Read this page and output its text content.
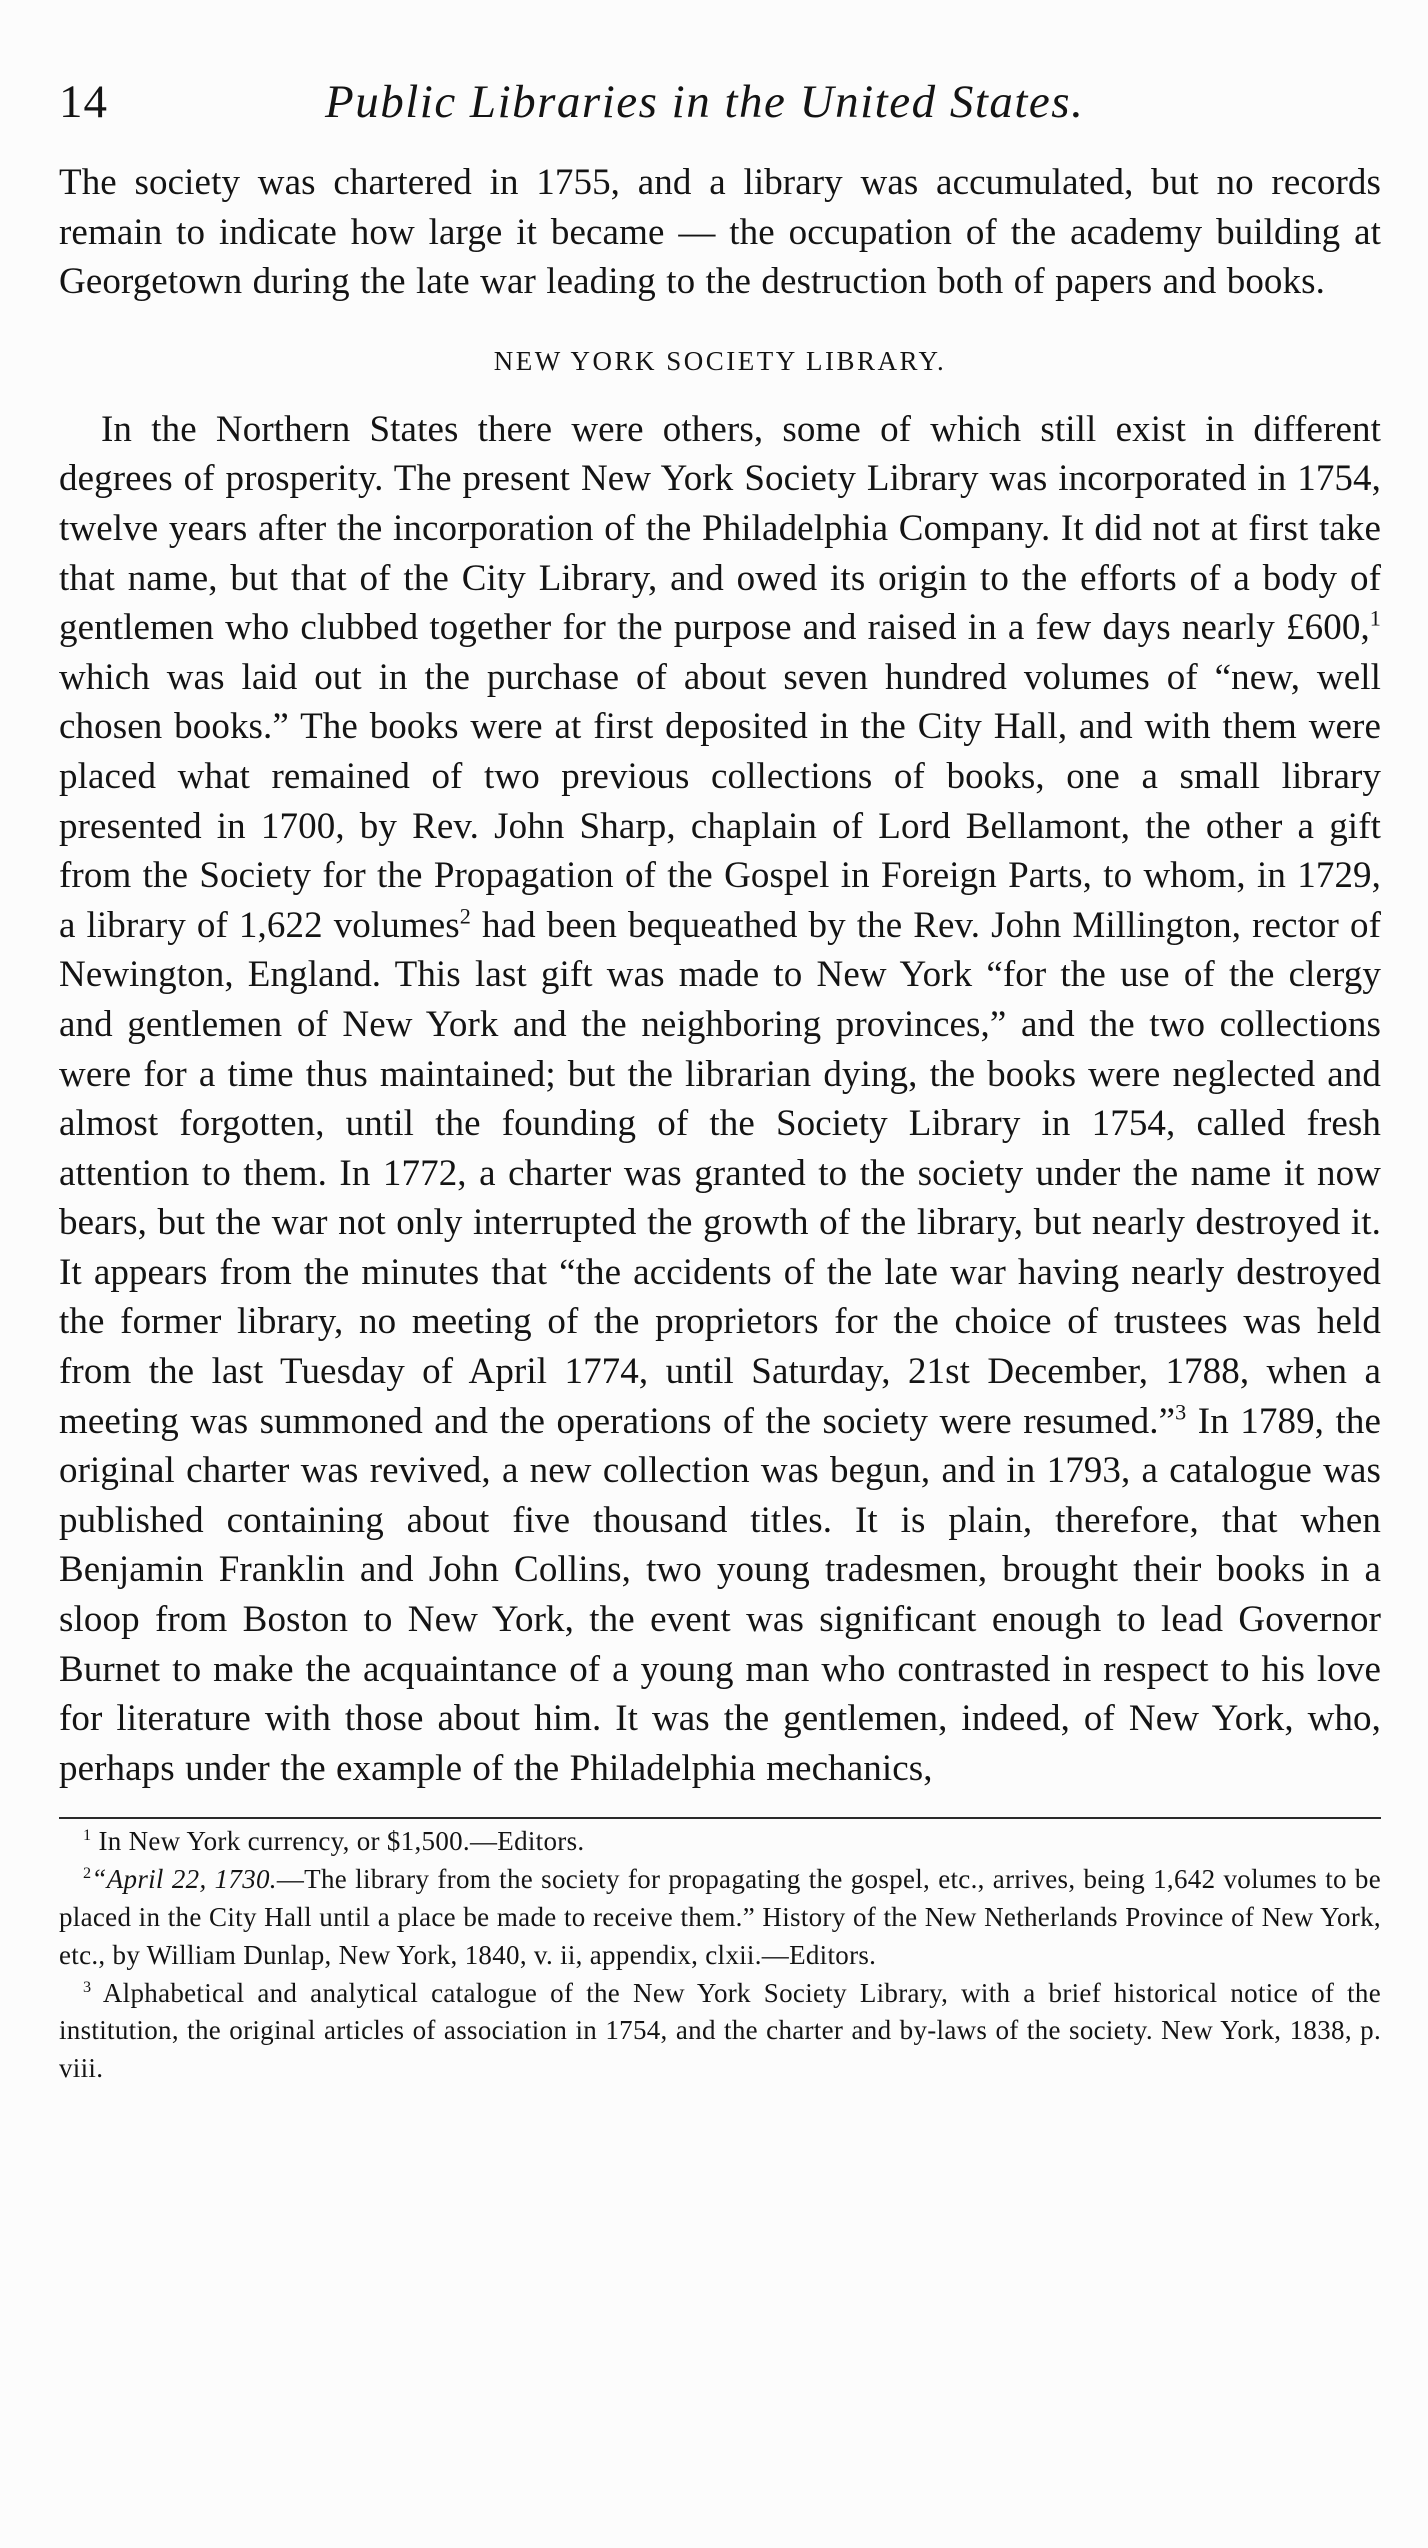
14	Public Libraries in the United States.

The society was chartered in 1755, and a library was accumulated, but no records remain to indicate how large it became — the occupation of the academy building at Georgetown during the late war leading to the destruction both of papers and books.

NEW YORK SOCIETY LIBRARY.

In the Northern States there were others, some of which still exist in different degrees of prosperity. The present New York Society Library was incorporated in 1754, twelve years after the incorporation of the Philadelphia Company. It did not at first take that name, but that of the City Library, and owed its origin to the efforts of a body of gentlemen who clubbed together for the purpose and raised in a few days nearly £600,$^1$ which was laid out in the purchase of about seven hundred volumes of “new, well chosen books.” The books were at first deposited in the City Hall, and with them were placed what remained of two previous collections of books, one a small library presented in 1700, by Rev. John Sharp, chaplain of Lord Bellamont, the other a gift from the Society for the Propagation of the Gospel in Foreign Parts, to whom, in 1729, a library of 1,622 volumes$^2$ had been bequeathed by the Rev. John Millington, rector of Newington, England. This last gift was made to New York “for the use of the clergy and gentlemen of New York and the neighboring provinces,” and the two collections were for a time thus maintained; but the librarian dying, the books were neglected and almost forgotten, until the founding of the Society Library in 1754, called fresh attention to them. In 1772, a charter was granted to the society under the name it now bears, but the war not only interrupted the growth of the library, but nearly destroyed it. It appears from the minutes that “the accidents of the late war having nearly destroyed the former library, no meeting of the proprietors for the choice of trustees was held from the last Tuesday of April 1774, until Saturday, 21st December, 1788, when a meeting was summoned and the operations of the society were resumed.”$^3$ In 1789, the original charter was revived, a new collection was begun, and in 1793, a catalogue was published containing about five thousand titles. It is plain, therefore, that when Benjamin Franklin and John Collins, two young tradesmen, brought their books in a sloop from Boston to New York, the event was significant enough to lead Governor Burnet to make the acquaintance of a young man who contrasted in respect to his love for literature with those about him. It was the gentlemen, indeed, of New York, who, perhaps under the example of the Philadelphia mechanics,

$^1$ In New York currency, or $1,500.—Editors.

$^2$“April 22, 1730.—The library from the society for propagating the gospel, etc., arrives, being 1,642 volumes to be placed in the City Hall until a place be made to receive them.” History of the New Netherlands Province of New York, etc., by William Dunlap, New York, 1840, v. ii, appendix, clxii.—Editors.

$^3$ Alphabetical and analytical catalogue of the New York Society Library, with a brief historical notice of the institution, the original articles of association in 1754, and the charter and by-laws of the society. New York, 1838, p. viii.
